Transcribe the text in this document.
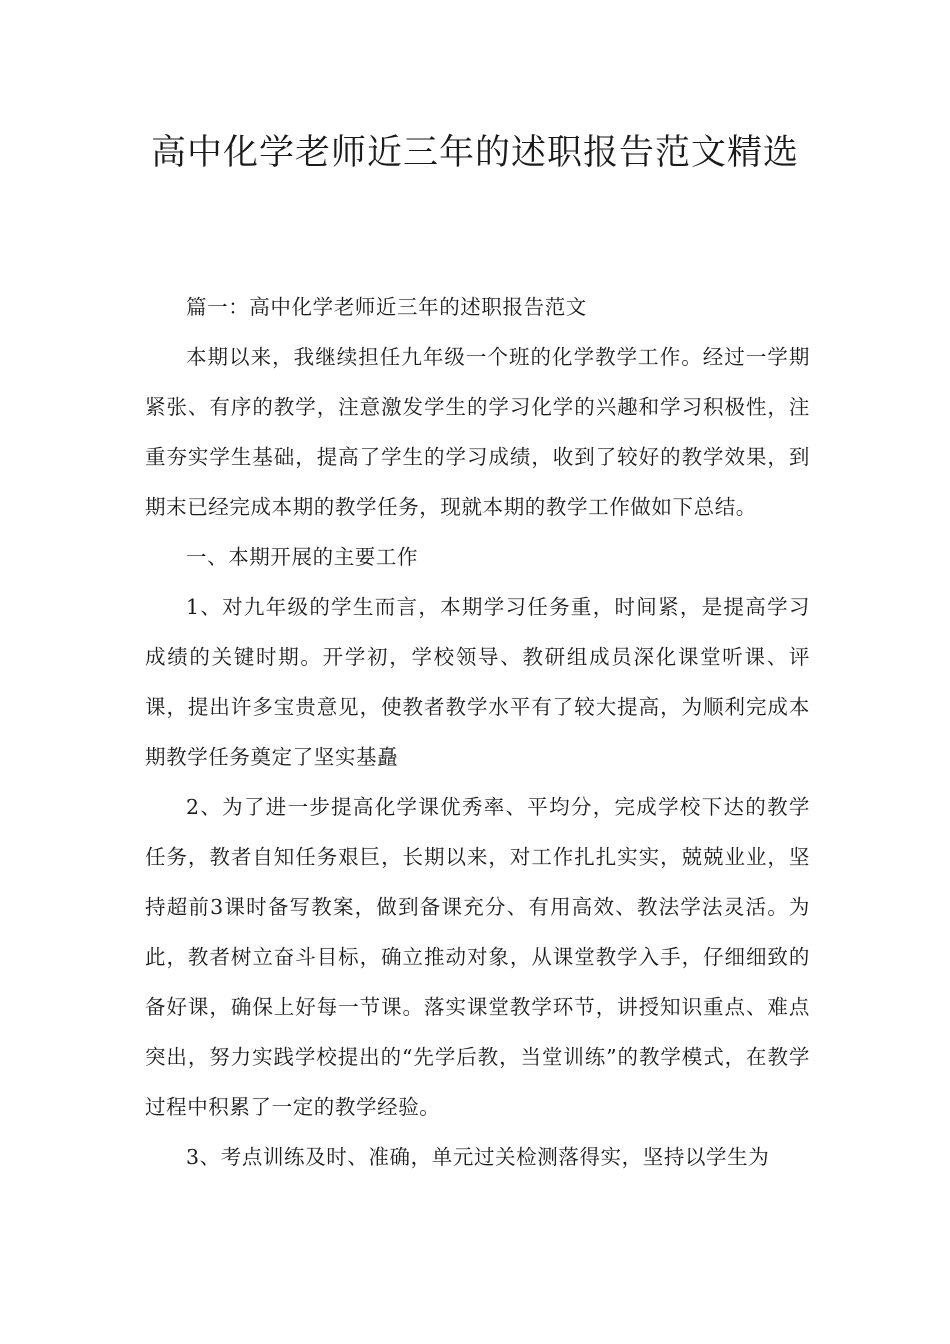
高中化学老师近三年的述职报告范文精选

篇一：高中化学老师近三年的述职报告范文

本期以来，我继续担任九年级一个班的化学教学工作。经过一学期紧张、有序的教学，注意激发学生的学习化学的兴趣和学习积极性，注重夯实学生基础，提高了学生的学习成绩，收到了较好的教学效果，到期末已经完成本期的教学任务，现就本期的教学工作做如下总结。

一、本期开展的主要工作

1、对九年级的学生而言，本期学习任务重，时间紧，是提高学习成绩的关键时期。开学初，学校领导、教研组成员深化课堂听课、评课，提出许多宝贵意见，使教者教学水平有了较大提高，为顺利完成本期教学任务奠定了坚实基矗

2、为了进一步提高化学课优秀率、平均分，完成学校下达的教学任务，教者自知任务艰巨，长期以来，对工作扎扎实实，兢兢业业，坚持超前3课时备写教案，做到备课充分、有用高效、教法学法灵活。为此，教者树立奋斗目标，确立推动对象，从课堂教学入手，仔细细致的备好课，确保上好每一节课。落实课堂教学环节，讲授知识重点、难点突出，努力实践学校提出的“先学后教，当堂训练”的教学模式，在教学过程中积累了一定的教学经验。

3、考点训练及时、准确，单元过关检测落得实，坚持以学生为
